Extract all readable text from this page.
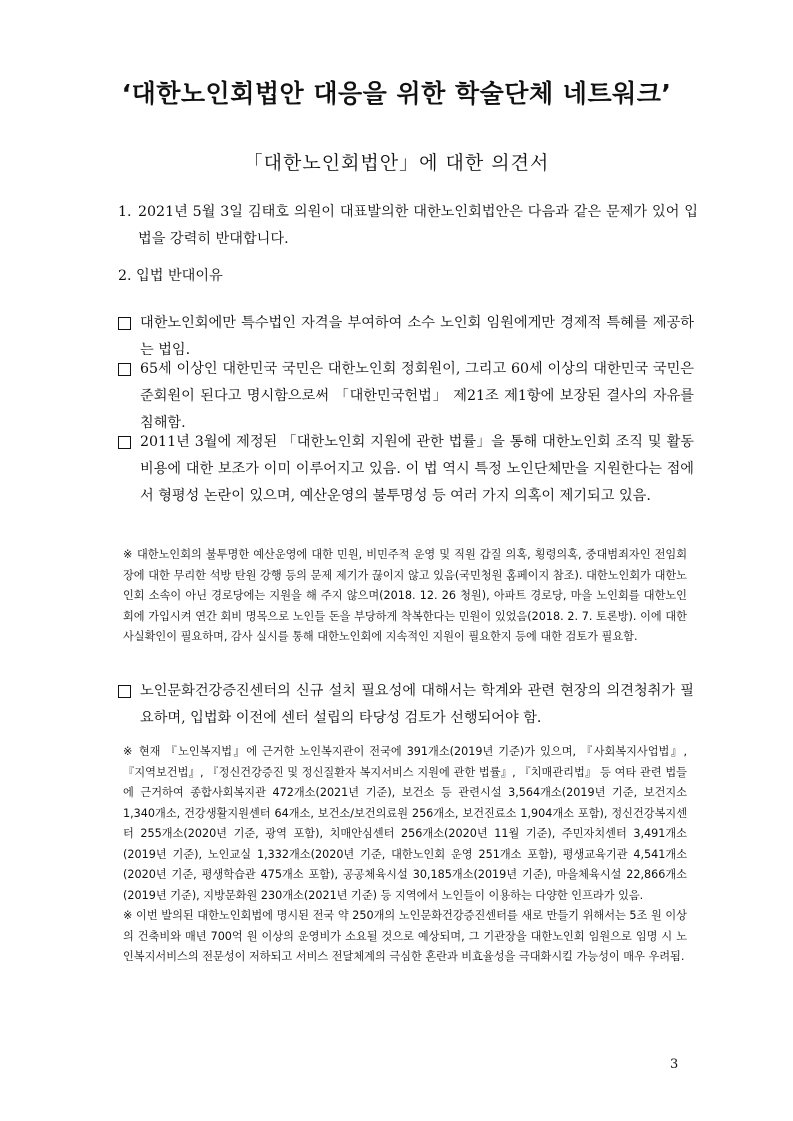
‘대한노인회법안 대응을 위한 학술단체 네트워크’
「대한노인회법안」에 대한 의견서
1. 2021년 5월 3일 김태호 의원이 대표발의한 대한노인회법안은 다음과 같은 문제가 있어 입법을 강력히 반대합니다.
2. 입법 반대이유
대한노인회에만 특수법인 자격을 부여하여 소수 노인회 임원에게만 경제적 특혜를 제공하는 법임.
65세 이상인 대한민국 국민은 대한노인회 정회원이, 그리고 60세 이상의 대한민국 국민은 준회원이 된다고 명시함으로써 「대한민국헌법」 제21조 제1항에 보장된 결사의 자유를 침해함.
2011년 3월에 제정된 「대한노인회 지원에 관한 법률」을 통해 대한노인회 조직 및 활동비용에 대한 보조가 이미 이루어지고 있음. 이 법 역시 특정 노인단체만을 지원한다는 점에서 형평성 논란이 있으며, 예산운영의 불투명성 등 여러 가지 의혹이 제기되고 있음.
※ 대한노인회의 불투명한 예산운영에 대한 민원, 비민주적 운영 및 직원 갑질 의혹, 횡령의혹, 중대범죄자인 전임회장에 대한 무리한 석방 탄원 강행 등의 문제 제기가 끊이지 않고 있음(국민청원 홈페이지 참조). 대한노인회가 대한노인회 소속이 아닌 경로당에는 지원을 해 주지 않으며(2018. 12. 26 청원), 아파트 경로당, 마을 노인회를 대한노인회에 가입시켜 연간 회비 명목으로 노인들 돈을 부당하게 착복한다는 민원이 있었음(2018. 2. 7. 토론방). 이에 대한 사실확인이 필요하며, 감사 실시를 통해 대한노인회에 지속적인 지원이 필요한지 등에 대한 검토가 필요함.
노인문화건강증진센터의 신규 설치 필요성에 대해서는 학계와 관련 현장의 의견청취가 필요하며, 입법화 이전에 센터 설립의 타당성 검토가 선행되어야 함.
※ 현재 『노인복지법』에 근거한 노인복지관이 전국에 391개소(2019년 기준)가 있으며, 『사회복지사업법』, 『지역보건법』, 『정신건강증진 및 정신질환자 복지서비스 지원에 관한 법률』, 『치매관리법』 등 여타 관련 법들에 근거하여 종합사회복지관 472개소(2021년 기준), 보건소 등 관련시설 3,564개소(2019년 기준, 보건지소 1,340개소, 건강생활지원센터 64개소, 보건소/보건의료원 256개소, 보건진료소 1,904개소 포함), 정신건강복지센터 255개소(2020년 기준, 광역 포함), 치매안심센터 256개소(2020년 11월 기준), 주민자치센터 3,491개소(2019년 기준), 노인교실 1,332개소(2020년 기준, 대한노인회 운영 251개소 포함), 평생교육기관 4,541개소(2020년 기준, 평생학습관 475개소 포함), 공공체육시설 30,185개소(2019년 기준), 마을체육시설 22,866개소(2019년 기준), 지방문화원 230개소(2021년 기준) 등 지역에서 노인들이 이용하는 다양한 인프라가 있음.
※ 이번 발의된 대한노인회법에 명시된 전국 약 250개의 노인문화건강증진센터를 새로 만들기 위해서는 5조 원 이상의 건축비와 매년 700억 원 이상의 운영비가 소요될 것으로 예상되며, 그 기관장을 대한노인회 임원으로 임명 시 노인복지서비스의 전문성이 저하되고 서비스 전달체계의 극심한 혼란과 비효율성을 극대화시킬 가능성이 매우 우려됨.
3
